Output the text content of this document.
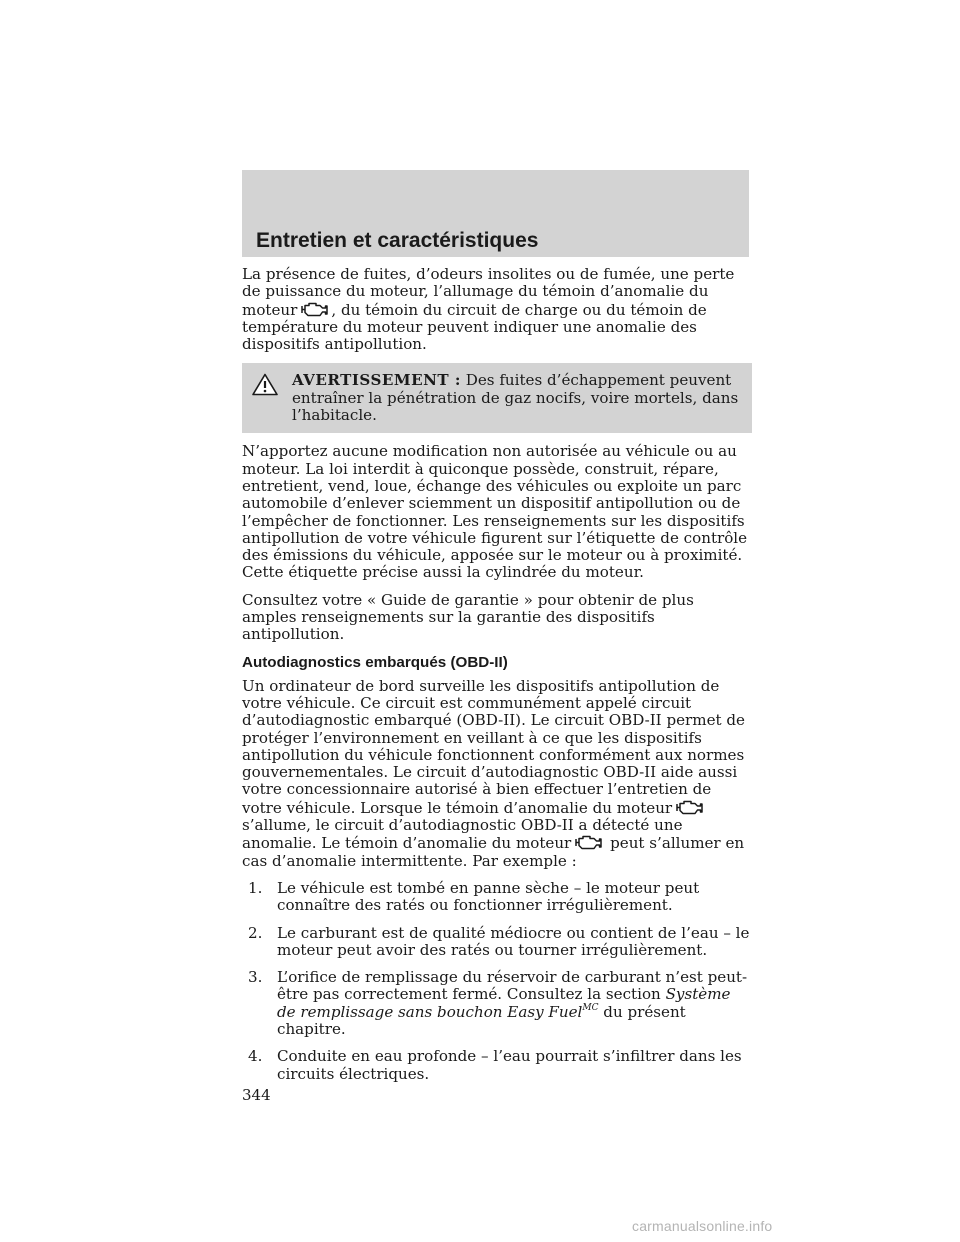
Entretien et caractéristiques

La présence de fuites, d’odeurs insolites ou de fumée, une perte de puissance du moteur, l’allumage du témoin d’anomalie du moteur , du témoin du circuit de charge ou du témoin de température du moteur peuvent indiquer une anomalie des dispositifs antipollution.

AVERTISSEMENT : Des fuites d’échappement peuvent
entraîner la pénétration de gaz nocifs, voire mortels, dans l’habitacle.

N’apportez aucune modification non autorisée au véhicule ou au moteur. La loi interdit à quiconque possède, construit, répare, entretient, vend, loue, échange des véhicules ou exploite un parc automobile d’enlever sciemment un dispositif antipollution ou de l’empêcher de fonctionner. Les renseignements sur les dispositifs antipollution de votre véhicule figurent sur l’étiquette de contrôle des émissions du véhicule, apposée sur le moteur ou à proximité. Cette étiquette précise aussi la cylindrée du moteur.

Consultez votre « Guide de garantie » pour obtenir de plus amples renseignements sur la garantie des dispositifs antipollution.

Autodiagnostics embarqués (OBD-II)

Un ordinateur de bord surveille les dispositifs antipollution de votre véhicule. Ce circuit est communément appelé circuit d’autodiagnostic embarqué (OBD-II). Le circuit OBD-II permet de protéger l’environnement en veillant à ce que les dispositifs antipollution du véhicule fonctionnent conformément aux normes gouvernementales. Le circuit d’autodiagnostic OBD-II aide aussi votre concessionnaire autorisé à bien effectuer l’entretien de votre véhicule. Lorsque le témoin d’anomalie du moteur
s’allume, le circuit d’autodiagnostic OBD-II a détecté une anomalie. Le témoin d’anomalie du moteur	peut s’allumer en cas d’anomalie intermittente. Par exemple :

1. Le véhicule est tombé en panne sèche – le moteur peut connaître des ratés ou fonctionner irrégulièrement.
2. Le carburant est de qualité médiocre ou contient de l’eau – le moteur peut avoir des ratés ou tourner irrégulièrement.
3. L’orifice de remplissage du réservoir de carburant n’est peut-être pas correctement fermé. Consultez la section Système de remplissage sans bouchon Easy Fuel$^{MC}$ du présent chapitre.
4. Conduite en eau profonde – l’eau pourrait s’infiltrer dans les circuits électriques.
344
carmanualsonline.info
